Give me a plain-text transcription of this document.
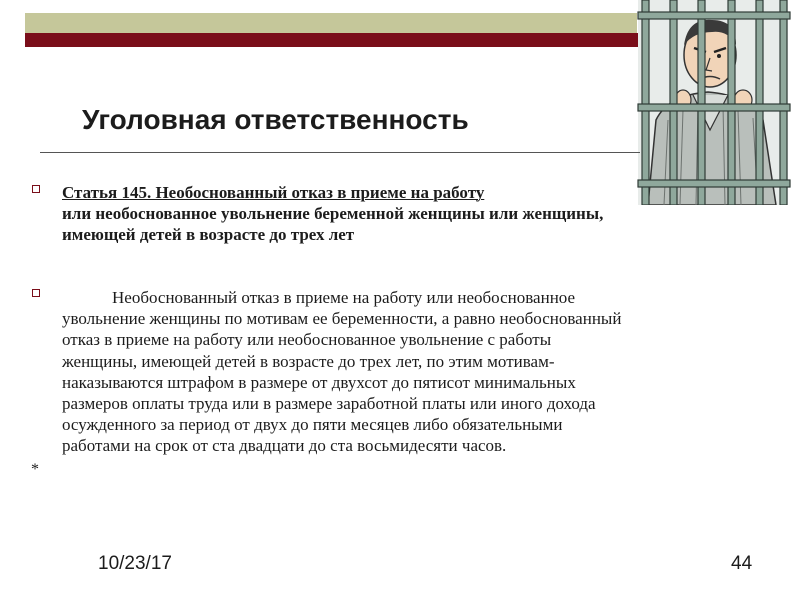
Уголовная ответственность
Статья 145. Необоснованный отказ в приеме на работу
или необоснованное увольнение беременной женщины или женщины,
имеющей детей в возрасте до трех лет
Необоснованный отказ в приеме на работу или необоснованное
увольнение женщины по мотивам ее беременности, а равно необоснованный
отказ в приеме на работу или необоснованное увольнение с работы
женщины, имеющей детей в возрасте до трех лет, по этим мотивам-
наказываются штрафом в размере от двухсот до пятисот минимальных
размеров оплаты труда или в размере заработной платы или иного дохода
осужденного за период от двух до пяти месяцев либо обязательными
работами на срок от ста двадцати до ста восьмидесяти часов.
*
10/23/17	44
